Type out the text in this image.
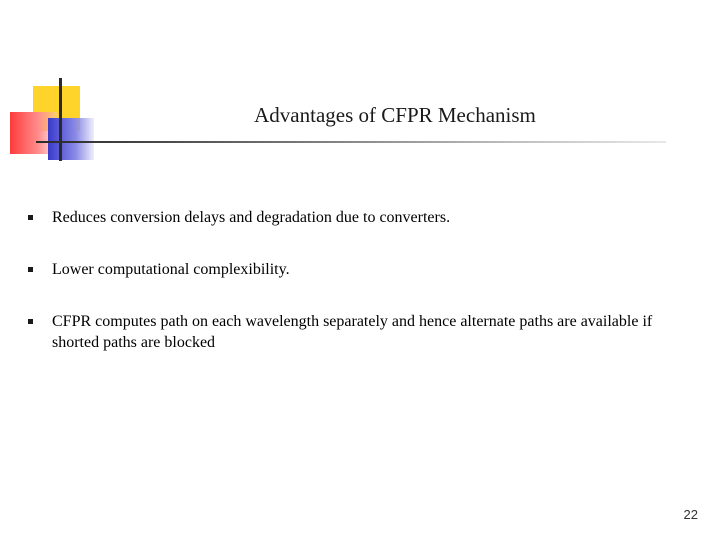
Advantages of CFPR Mechanism
Reduces conversion delays and degradation due to converters.
Lower computational complexibility.
CFPR computes path on each wavelength separately and hence alternate paths are available if shorted paths are blocked
22
